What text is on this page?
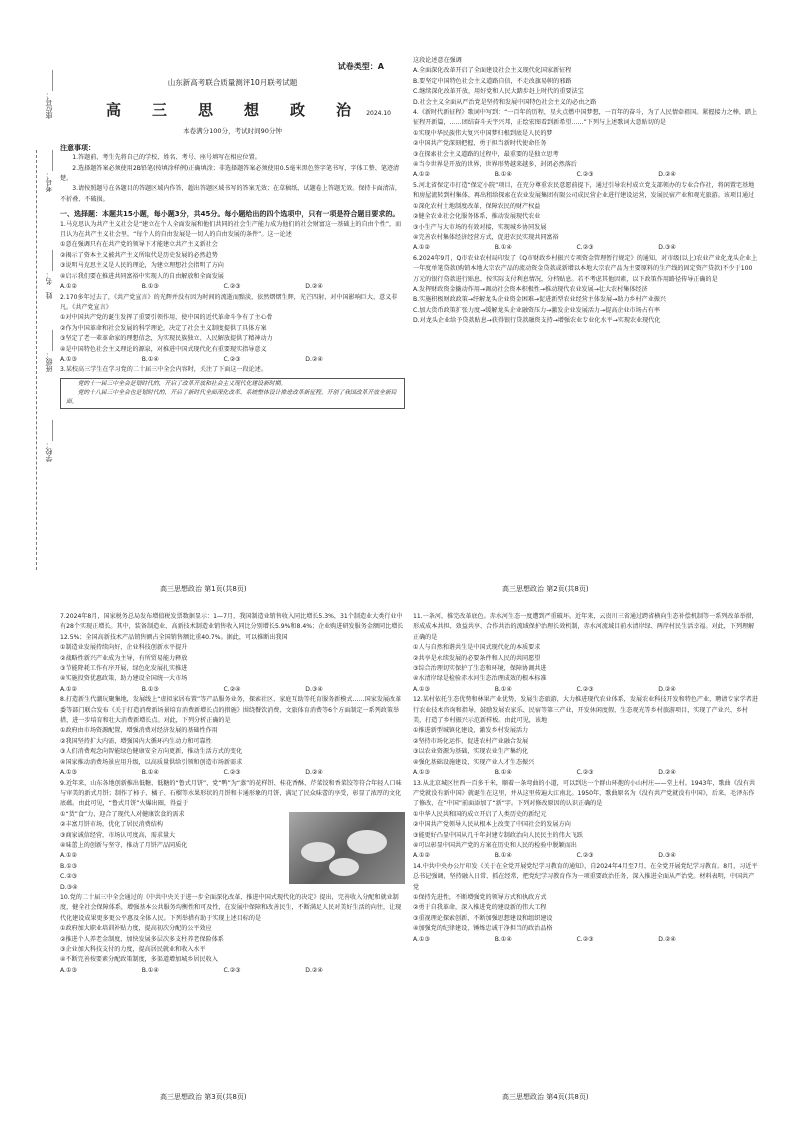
学校：______
班级：______
姓　名：______
考号：______
座位号：______
试卷类型：A
山东新高考联合质量测评10月联考试题
高　三　思　想　政　治 2024.10
本卷满分100分，考试时间90分钟
注意事项：
1.答题前，考生先将自己的学校、姓名、考号、座号填写在相应位置。
2.选择题答案必须使用2B铅笔(按填涂样例)正确填涂；非选择题答案必须使用0.5毫米黑色签字笔书写，字体工整、笔迹清楚。
3.请按照题号在各题目的答题区域内作答，超出答题区域书写的答案无效；在草稿纸、试题卷上答题无效。保持卡面清洁，不折叠、不破损。
一、选择题：本题共15小题，每小题3分，共45分。每小题给出的四个选项中，只有一项是符合题目要求的。
1.马克思认为共产主义社会是“建立在个人全面发展和他们共同的社会生产能力成为他们的社会财富这一基础上的自由个性”，而且认为在共产主义社会里，“每个人的自由发展是一切人的自由发展的条件”。这一论述
①意在强调只有在共产党的领导下才能建立共产主义新社会
②揭示了资本主义被共产主义所取代是历史发展的必然趋势
③说明马克思主义是人民的理论，为建立理想社会指明了方向
④启示我们要在推进共同富裕中实现人的自由解放和全面发展
A.①②	B.①③	C.②③	D.②④
2.170多年过去了，《共产党宣言》的光辉并没有因为时间的流逝而黯淡，依然熠熠生辉，光芒四射，对中国影响巨大、意义非凡。《共产党宣言》
①对中国共产党的诞生发挥了重要引领作用，使中国的近代革命斗争有了主心骨
②作为中国革命和社会发展的科学理论，决定了社会主义制度提供了具体方案
③坚定了老一辈革命家的理想信念，为实现民族独立、人民解放提供了精神动力
④是中国特色社会主义理论的源泉，对推进中国式现代化有重要现实指导意义
A.①③	B.①④	C.②③	D.②④
3.某校高三学生在学习党的二十届三中全会内容时，关注了下面这一段论述。
党的十一届三中全会是划时代的，开启了改革开放和社会主义现代化建设新时期。
党的十八届三中全会也是划时代的，开启了新时代全面深化改革、系统整体设计推进改革新征程，开创了我国改革开放全新局面。
高三思想政治 第1页(共8页)
这段论述意在强调
A.全面深化改革开启了全面建设社会主义现代化国家新征程
B.要坚定中国特色社会主义道路自信，不走改旗易帜的邪路
C.继续深化改革开放，用好党和人民大踏步赶上时代的重要法宝
D.社会主义全面从严治党是坚持和发展中国特色社会主义的必由之路
4.《新时代新征程》歌词中写到：“一百年的历程，星火点燃中国梦想，一百年的奋斗，为了人民情牵祖国。紧握接力之棒，踏上征程开新篇，……团结奋斗天宇兴邦，正绘宏图看到新希望……”下列与上述歌词大意贴切的是
①实现中华民族伟大复兴中国梦归根到底是人民的梦
②中国共产党深刻把握、勇于担当新时代使命任务
③在探索社会主义道路的过程中，最重要的是独立思考
④当今世界是开放的世界，世界形势越来越多，封闭必然落后
A.①②	B.①④	C.②③	D.②④
5.河北省保定市打造“保定小院”项目，在充分尊重农民意愿前提下，通过引导农村成立党支部领办的专业合作社，将闲置宅基地和房屋流转到村集体，再出租给探索在农业发展集团有限公司成民营企业进行建设运营，发展民宿产业和观光旅游。该项目通过
①深化农村土地制度改革，保障农民的财产权益
②健全农业社会化服务体系，推动发展现代农业
③小生产与大市场的有效对接，实现城乡协同发展
④完善农村集体经济经营方式，促进农民实现共同富裕
A.①②	B.①④	C.②③	D.③④
6.2024年9月，Q市农业农村局印发了《Q市财政乡村振兴专项资金管理暂行规定》的通知，对市级(以上)农业产业化龙头企业上一年度单笔贷款(购销本地大宗农产品的流动资金贷款或新增以本地大宗农产品为主要原料的生产线的固定资产贷款)不少于100万元的银行贷款进行贴息，按实际支付利息情况，分档贴息。若不考虑其他因素，以下政策作用路径传导正确的是
A.发挥财政资金撬动作用→调动社会资本积极性→推动现代农业发展→壮大农村集体经济
B.实施积极财政政策→纾解龙头企业资金困难→促进新型农业经营主体发展→助力乡村产业振兴
C.加大货币政策扩张力度→缓解龙头企业融资压力→激发企业发展活力→提高企业市场占有率
D.对龙头企业给予贷款贴息→获得银行贷款融资支持→增强农业专业化水平→实现农业现代化
高三思想政治 第2页(共8页)
7.2024年8月，国家税务总局发布增值税发票数据显示：1—7月，我国制造业销售收入同比增长5.3%，31个制造业大类行业中有28个实现正增长。其中，装备制造业、高新技术制造业销售收入同比分别增长5.9%和8.4%；企业购进研发服务金额同比增长12.5%；全国高新技术产品销售额占全国销售额比重40.7%。据此，可以推断出我国
①制造业发展持续向好，企业科技创新水平提升
②战略性新兴产业成为主导，有所贸易能力释放
③节能降耗工作有序开展，绿色化发展扎实推进
④实施投资优惠政策，助力建设全国统一大市场
A.①②	B.①③	C.②④	D.③④
8.打造新生代潮玩聚集地，发展线上“虚拟家居布置”等产品服务业务，探索社区、家庭互助等托育服务新模式……国家发展改革委等部门联合发布《关于打造消费新场景培育消费新增长点的措施》围绕餐饮消费、文旅体育消费等6个方面制定一系列政策举措，进一步培育和壮大消费新增长点。对此，下列分析正确的是
①政府由市场资源配置，增强消费对经济发展的基础性作用
②我国坚持扩大内需，增强国内大循环内生动力和可靠性
③人们消费观念向智能绿色健康安全方向更新，推动生活方式的变化
④国家推动消费场景应用升级，以高质量供给引领和创造市场新需求
A.①③	B.①④	C.②③	D.②④
9.近年来，山东各地创新推出低糖、低糖的“鲁式月饼”，党“鸭”为“蒸”的花样饼、桂花香酥、芹菜饺和香菜饺等符合年轻人口味与审美的新式月饼；制作了柿子、橘子、石榴等水果形状的月饼和卡通形象的月饼，满足了民众味蕾的享受，彰显了浓厚的文化底蕴。由此可见，“鲁式月饼”火爆出圈，得益于
①“货”食”力，迎合了现代人对健康饮食的需求
②丰富月饼市场，优化了居民消费结构
③商家诚信经营，市场认可度高，需求量大
④味蕾上的创新与坚守，推动了月饼产品同质化
A.①②
B.①③
C.②③
D.③④
10.党的二十届三中全会通过的《中共中央关于进一步全面深化改革、推进中国式现代化的决定》提出，完善收入分配和就业制度，健全社会保障体系，增强基本公共服务均衡性和可及性，在发展中保障和改善民生，不断满足人民对美好生活的向往，让现代化建设成果更多更公平惠及全体人民。下列举措有助于实现上述目标的是
①政府加大职业培训补贴力度，提高初次分配的公平效应
②推进个人养老金制度，加快发展多层次多支柱养老保险体系
③企业加大科技支付的力度，提高居民就业和收入水平
④不断完善按要素分配政策制度，多渠道增加城乡居民收入
A.①③	B.①④	C.②③	D.②④
高三思想政治 第3页(共8页)
11.一条河，推完改革底色。赤水河生态一度遭到严重破坏。近年来，云贵川三省通过跨省横向生态补偿机制等一系列改革举措，形成成本共担、效益共享、合作共治的流域保护治理长效机制，赤水河流域目前水清岸绿、两岸村民生活幸福。对此，下列理解正确的是
①人与自然和谐共生是中国式现代化的本质要求
②共享是永续发展的必要条件和人民的共同愿望
③综合治理切实保护了生态和环境，保障协调共进
④水清岸绿是检验赤水河生态治理成效的根本标准
A.①③	B.①④	C.②③	D.②④
12.某村依托生态优势和林果产业优势，发展生态旅游，大力推进现代农业体系，发展农业科技开发和特色产业，聘请专家学者进行农业技术咨询和指导，鼓励发展农家乐、民宿等第三产业，开发休闲度假、生态观光等乡村旅游项目，实现了产业兴、乡村美，打造了乡村振兴示范新样板。由此可见，该地
①推进新型城镇化建设，激发乡村发展活力
②坚持市场化运作，促进农村产业融合发展
③以农业资源为基础，实现农业生产集约化
④强化基础设施建设，实现产业人才生态振兴
A.①③	B.①④	C.②③	D.②④
13.从北京城区往西一百多千米，顺着一条弯曲的小道，可以到达一个群山环抱的小山村庄——堂上村。1943年，歌曲《没有共产党就没有新中国》就诞生在这里，并从这里传遍大江南北。1950年，歌曲原名为《没有共产党就没有中国》，后来，毛泽东作了修改，在“中国”前面添加了“新”字。下列对修改原因的认识正确的是
①中华人民共和国的成立开启了人类历史的新纪元
②中国共产党领导人民从根本上改变了中国社会的发展方向
③能更好凸显中国从几千年封建专制政治向人民民主的伟大飞跃
④可以彰显中国共产党的方案在历史和人民的检验中脱颖而出
A.①②	B.①④	C.②③	D.③④
14.中共中央办公厅印发《关于在全党开展党纪学习教育的通知》，自2024年4月至7月，在全党开展党纪学习教育。8月，习近平总书记强调，坚持融入日常、抓在经常，把党纪学习教育作为一项重要政治任务，深入推进全面从严治党。材料表明，中国共产党
①保持先进性，不断增强党的领导方式和执政方式
②勇于自我革命，深入推进党的建设新的伟大工程
③重视理论探索创新，不断加强思想建设和组织建设
④加强党的纪律建设，锤炼忠诚干净担当的政治品格
A.①③	B.①④	C.②③	D.②④
高三思想政治 第4页(共8页)
